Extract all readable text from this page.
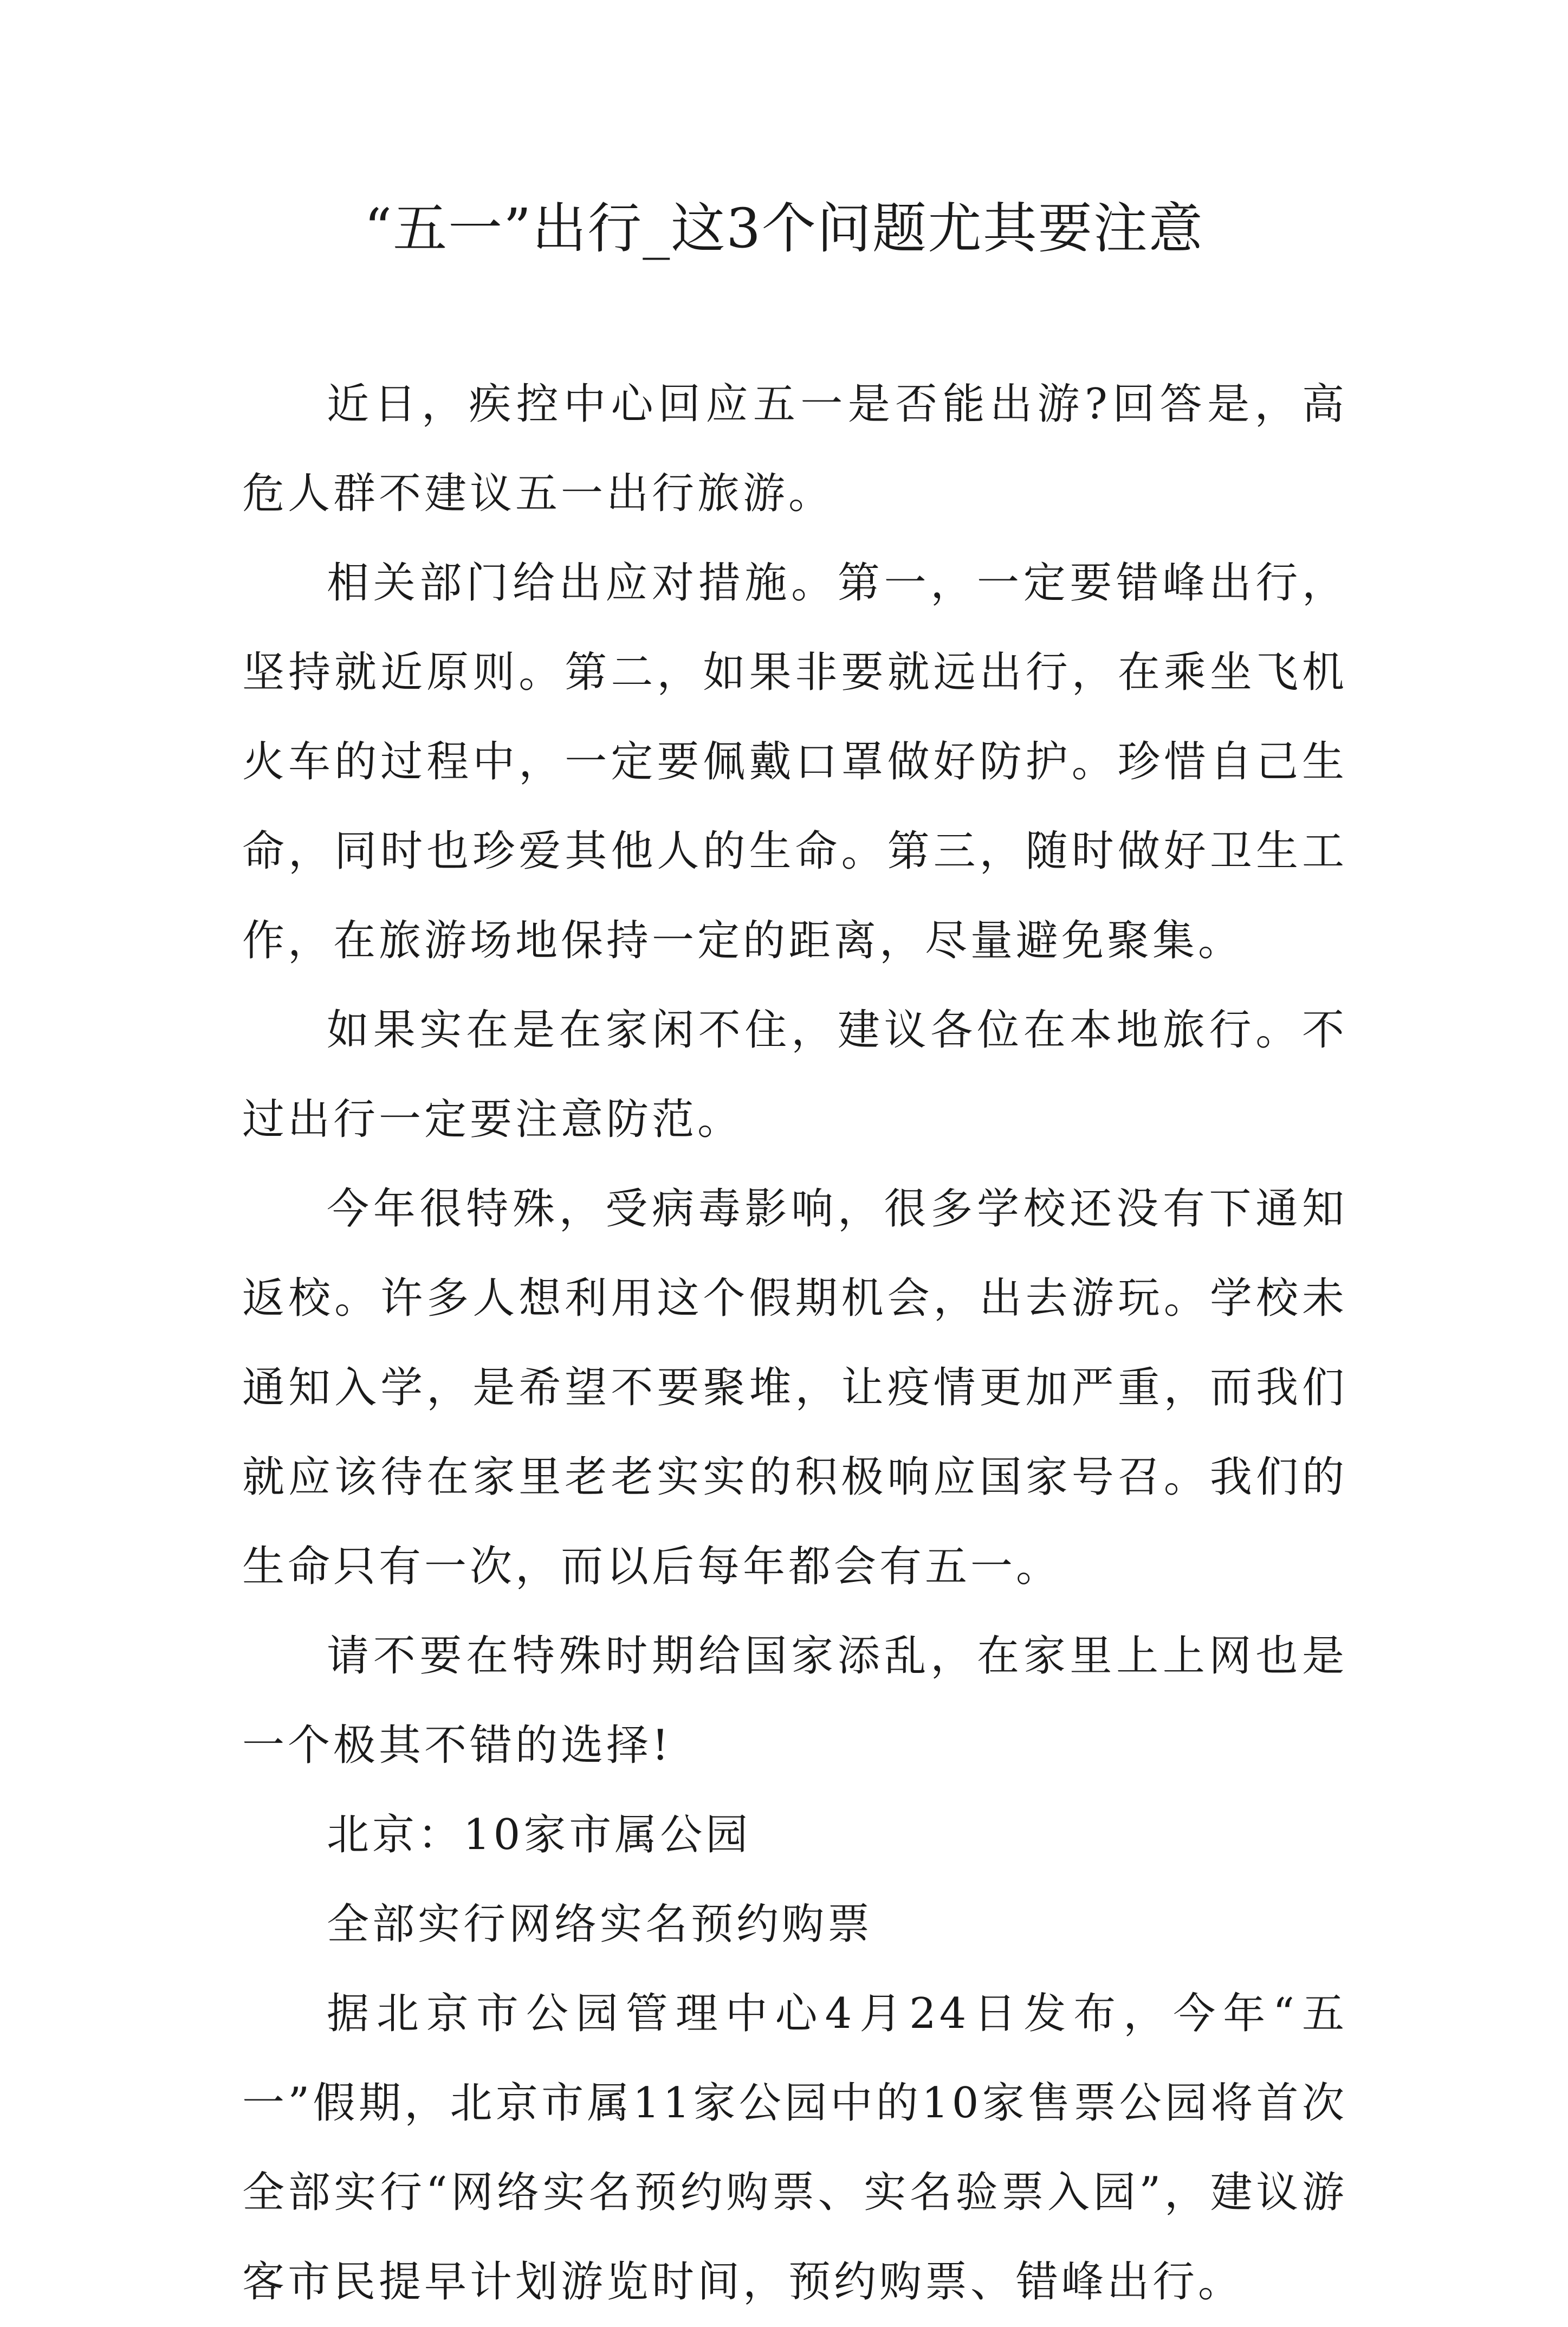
“五一”出行_这3个问题尤其要注意

近日，疾控中心回应五一是否能出游?回答是，高危人群不建议五一出行旅游。

相关部门给出应对措施。第一，一定要错峰出行，坚持就近原则。第二，如果非要就远出行，在乘坐飞机火车的过程中，一定要佩戴口罩做好防护。珍惜自己生命，同时也珍爱其他人的生命。第三，随时做好卫生工作，在旅游场地保持一定的距离，尽量避免聚集。

如果实在是在家闲不住，建议各位在本地旅行。不过出行一定要注意防范。

今年很特殊，受病毒影响，很多学校还没有下通知返校。许多人想利用这个假期机会，出去游玩。学校未通知入学，是希望不要聚堆，让疫情更加严重，而我们就应该待在家里老老实实的积极响应国家号召。我们的生命只有一次，而以后每年都会有五一。

请不要在特殊时期给国家添乱，在家里上上网也是一个极其不错的选择!

北京：10家市属公园

全部实行网络实名预约购票

据北京市公园管理中心4月24日发布，今年“五一”假期，北京市属11家公园中的10家售票公园将首次全部实行“网络实名预约购票、实名验票入园”，建议游客市民提早计划游览时间，预约购票、错峰出行。
